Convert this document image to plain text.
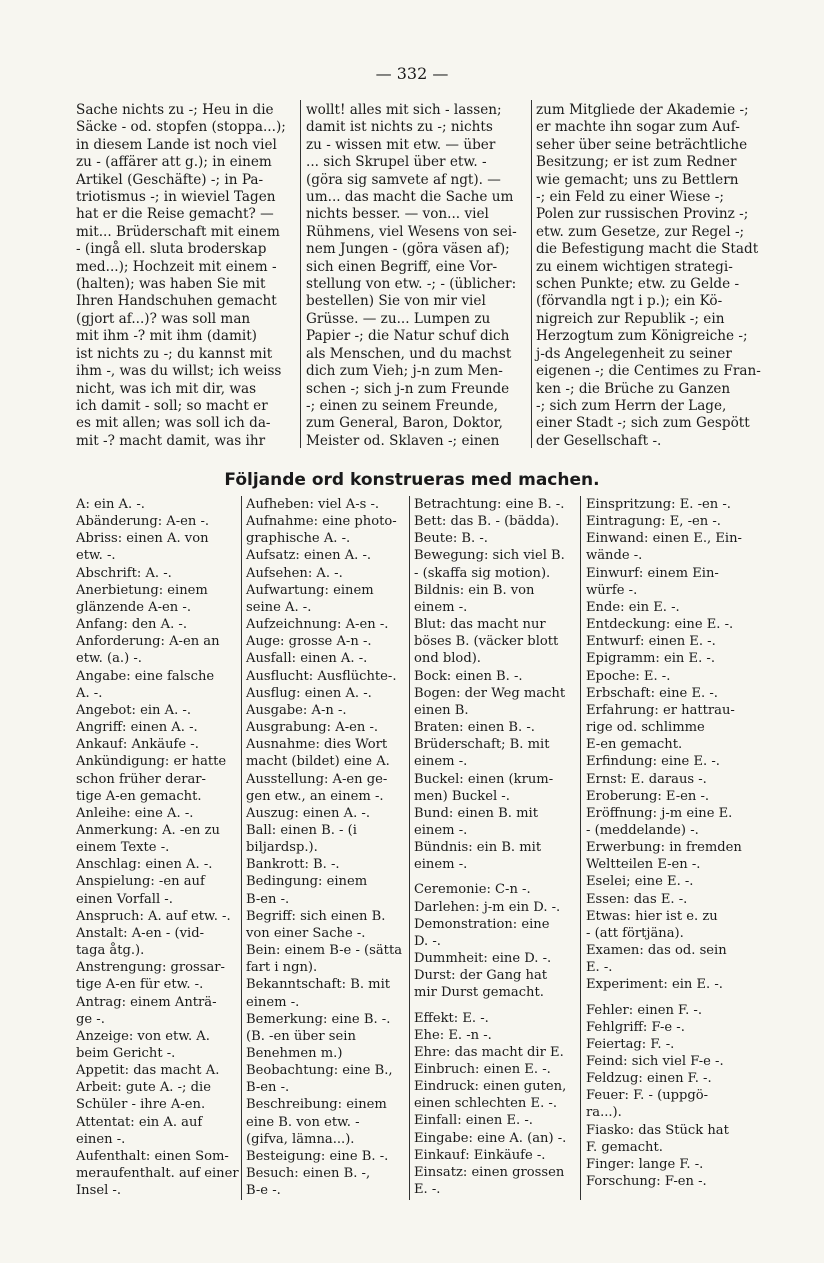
— 332 —

Sache nichts zu -; Heu in die

Säcke - od. stopfen (stoppa...);

in diesem Lande ist noch viel

zu - (affärer att g.); in einem

Artikel (Geschäfte) -; in Pa-

triotismus -; in wieviel Tagen

hat er die Reise gemacht? —

mit... Brüderschaft mit einem

- (ingå ell. sluta broderskap

med...); Hochzeit mit einem -

(halten); was haben Sie mit

Ihren Handschuhen gemacht

(gjort af...)? was soll man

mit ihm -? mit ihm (damit)

ist nichts zu -; du kannst mit

ihm -, was du willst; ich weiss

nicht, was ich mit dir, was

ich damit - soll; so macht er

es mit allen; was soll ich da-

mit -? macht damit, was ihr

wollt! alles mit sich - lassen;

damit ist nichts zu -; nichts

zu - wissen mit etw. — über

... sich Skrupel über etw. -

(göra sig samvete af ngt). —

um... das macht die Sache um

nichts besser. — von... viel

Rühmens, viel Wesens von sei-

nem Jungen - (göra väsen af);

sich einen Begriff, eine Vor-

stellung von etw. -; - (üblicher:

bestellen) Sie von mir viel

Grüsse. — zu... Lumpen zu

Papier -; die Natur schuf dich

als Menschen, und du machst

dich zum Vieh; j-n zum Men-

schen -; sich j-n zum Freunde

-; einen zu seinem Freunde,

zum General, Baron, Doktor,

Meister od. Sklaven -; einen

zum Mitgliede der Akademie -;

er machte ihn sogar zum Auf-

seher über seine beträchtliche

Besitzung; er ist zum Redner

wie gemacht; uns zu Bettlern

-; ein Feld zu einer Wiese -;

Polen zur russischen Provinz -;

etw. zum Gesetze, zur Regel -;

die Befestigung macht die Stadt

zu einem wichtigen strategi-

schen Punkte; etw. zu Gelde -

(förvandla ngt i p.); ein Kö-

nigreich zur Republik -; ein

Herzogtum zum Königreiche -;

j-ds Angelegenheit zu seiner

eigenen -; die Centimes zu Fran-

ken -; die Brüche zu Ganzen

-; sich zum Herrn der Lage,

einer Stadt -; sich zum Gespött

der Gesellschaft -.

Följande ord konstrueras med machen.

A: ein A. -.

Abänderung: A-en -.

Abriss: einen A. von

etw. -.

Abschrift: A. -.

Anerbietung: einem

glänzende A-en -.

Anfang: den A. -.

Anforderung: A-en an

etw. (a.) -.

Angabe: eine falsche

A. -.

Angebot: ein A. -.

Angriff: einen A. -.

Ankauf: Ankäufe -.

Ankündigung: er hatte

schon früher derar-

tige A-en gemacht.

Anleihe: eine A. -.

Anmerkung: A. -en zu

einem Texte -.

Anschlag: einen A. -.

Anspielung: -en auf

einen Vorfall -.

Anspruch: A. auf etw. -.

Anstalt: A-en - (vid-

taga åtg.).

Anstrengung: grossar-

tige A-en für etw. -.

Antrag: einem Anträ-

ge -.

Anzeige: von etw. A.

beim Gericht -.

Appetit: das macht A.

Arbeit: gute A. -; die

Schüler - ihre A-en.

Attentat: ein A. auf

einen -.

Aufenthalt: einen Som-

meraufenthalt. auf einer

Insel -.

Aufheben: viel A-s -.

Aufnahme: eine photo-

graphische A. -.

Aufsatz: einen A. -.

Aufsehen: A. -.

Aufwartung: einem

seine A. -.

Aufzeichnung: A-en -.

Auge: grosse A-n -.

Ausfall: einen A. -.

Ausflucht: Ausflüchte-.

Ausflug: einen A. -.

Ausgabe: A-n -.

Ausgrabung: A-en -.

Ausnahme: dies Wort

macht (bildet) eine A.

Ausstellung: A-en ge-

gen etw., an einem -.

Auszug: einen A. -.

Ball: einen B. - (i

biljardsp.).

Bankrott: B. -.

Bedingung: einem

B-en -.

Begriff: sich einen B.

von einer Sache -.

Bein: einem B-e - (sätta

fart i ngn).

Bekanntschaft: B. mit

einem -.

Bemerkung: eine B. -.

(B. -en über sein

Benehmen m.)

Beobachtung: eine B.,

B-en -.

Beschreibung: einem

eine B. von etw. -

(gifva, lämna...).

Besteigung: eine B. -.

Besuch: einen B. -,

B-e -.

Betrachtung: eine B. -.

Bett: das B. - (bädda).

Beute: B. -.

Bewegung: sich viel B.

- (skaffa sig motion).

Bildnis: ein B. von

einem -.

Blut: das macht nur

böses B. (väcker blott

ond blod).

Bock: einen B. -.

Bogen: der Weg macht

einen B.

Braten: einen B. -.

Brüderschaft; B. mit

einem -.

Buckel: einen (krum-

men) Buckel -.

Bund: einen B. mit

einem -.

Bündnis: ein B. mit

einem -.

Ceremonie: C-n -.

Darlehen: j-m ein D. -.

Demonstration: eine

D. -.

Dummheit: eine D. -.

Durst: der Gang hat

mir Durst gemacht.

Effekt: E. -.

Ehe: E. -n -.

Ehre: das macht dir E.

Einbruch: einen E. -.

Eindruck: einen guten,

einen schlechten E. -.

Einfall: einen E. -.

Eingabe: eine A. (an) -.

Einkauf: Einkäufe -.

Einsatz: einen grossen

E. -.

Einspritzung: E. -en -.

Eintragung: E, -en -.

Einwand: einen E., Ein-

wände -.

Einwurf: einem Ein-

würfe -.

Ende: ein E. -.

Entdeckung: eine E. -.

Entwurf: einen E. -.

Epigramm: ein E. -.

Epoche: E. -.

Erbschaft: eine E. -.

Erfahrung: er hattrau-

rige od. schlimme

E-en gemacht.

Erfindung: eine E. -.

Ernst: E. daraus -.

Eroberung: E-en -.

Eröffnung: j-m eine E.

- (meddelande) -.

Erwerbung: in fremden

Weltteilen E-en -.

Eselei; eine E. -.

Essen: das E. -.

Etwas: hier ist e. zu

- (att förtjäna).

Examen: das od. sein

E. -.

Experiment: ein E. -.

Fehler: einen F. -.

Fehlgriff: F-e -.

Feiertag: F. -.

Feind: sich viel F-e -.

Feldzug: einen F. -.

Feuer: F. - (uppgö-

ra...).

Fiasko: das Stück hat

F. gemacht.

Finger: lange F. -.

Forschung: F-en -.
